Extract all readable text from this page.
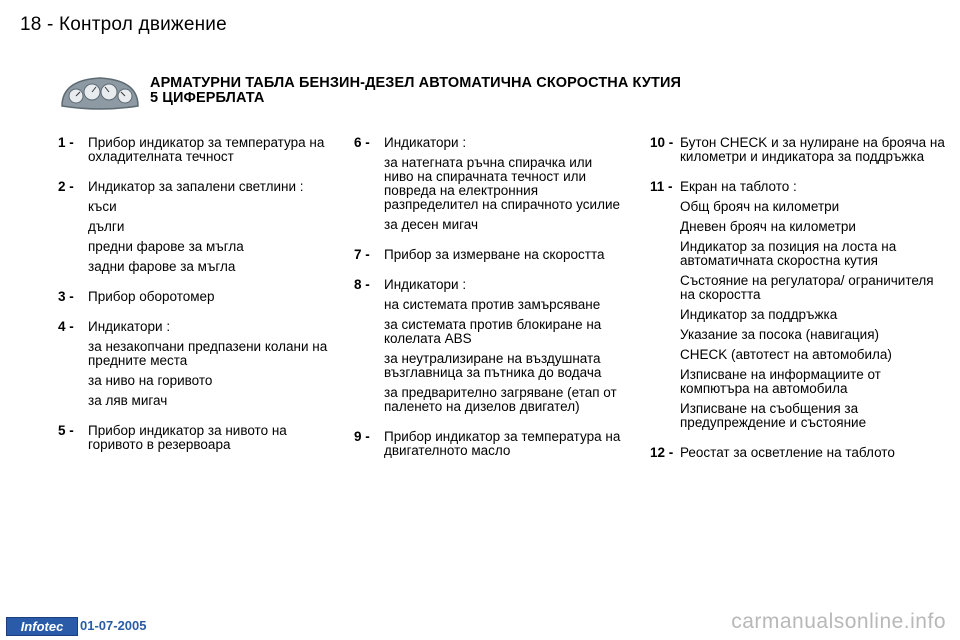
18 - Контрол движение
АРМАТУРНИ ТАБЛА БЕНЗИН-ДЕЗЕЛ АВТОМАТИЧНА СКОРОСТНА КУТИЯ
5 ЦИФЕРБЛАТА
1 - Прибор индикатор за температура на охладителната течност
2 - Индикатор за запалени светлини :
къси
дълги
предни фарове за мъгла
задни фарове за мъгла
3 - Прибор оборотомер
4 - Индикатори :
за незакопчани предпазени колани на предните места
за ниво на горивото
за ляв мигач
5 - Прибор индикатор за нивото на горивото в резервоара
6 - Индикатори :
за натегнатa ръчна спирачка или ниво на спирачната течност или повреда на електронния разпределител на спирачното усилие
за десен мигач
7 - Прибор за измерване на скоростта
8 - Индикатори :
на системата против замърсяване
за системата против блокиране на колелата ABS
за неутрализиране на въздушната възглавница за пътника до водача
за предварително загряване (етап от паленето на дизелов двигател)
9 - Прибор индикатор за температура на двигателното масло
10 - Бутон CHECK и за нулиране на брояча на километри и индикатора за поддръжка
11 - Екран на таблото :
Общ брояч на километри
Дневен брояч на километри
Индикатор за позиция на лоста на автоматичната скоростна кутия
Състояние на регулатора/ ограничителя на скоростта
Индикатор за поддръжка
Указание за посока (навигация)
CHECK (автотест на автомобила)
Изписване на информациите от компютъра на автомобила
Изписване на съобщения за предупреждение и състояние
12 - Реостат за осветление на таблото
Infotec	01-07-2005	carmanualsonline.info
